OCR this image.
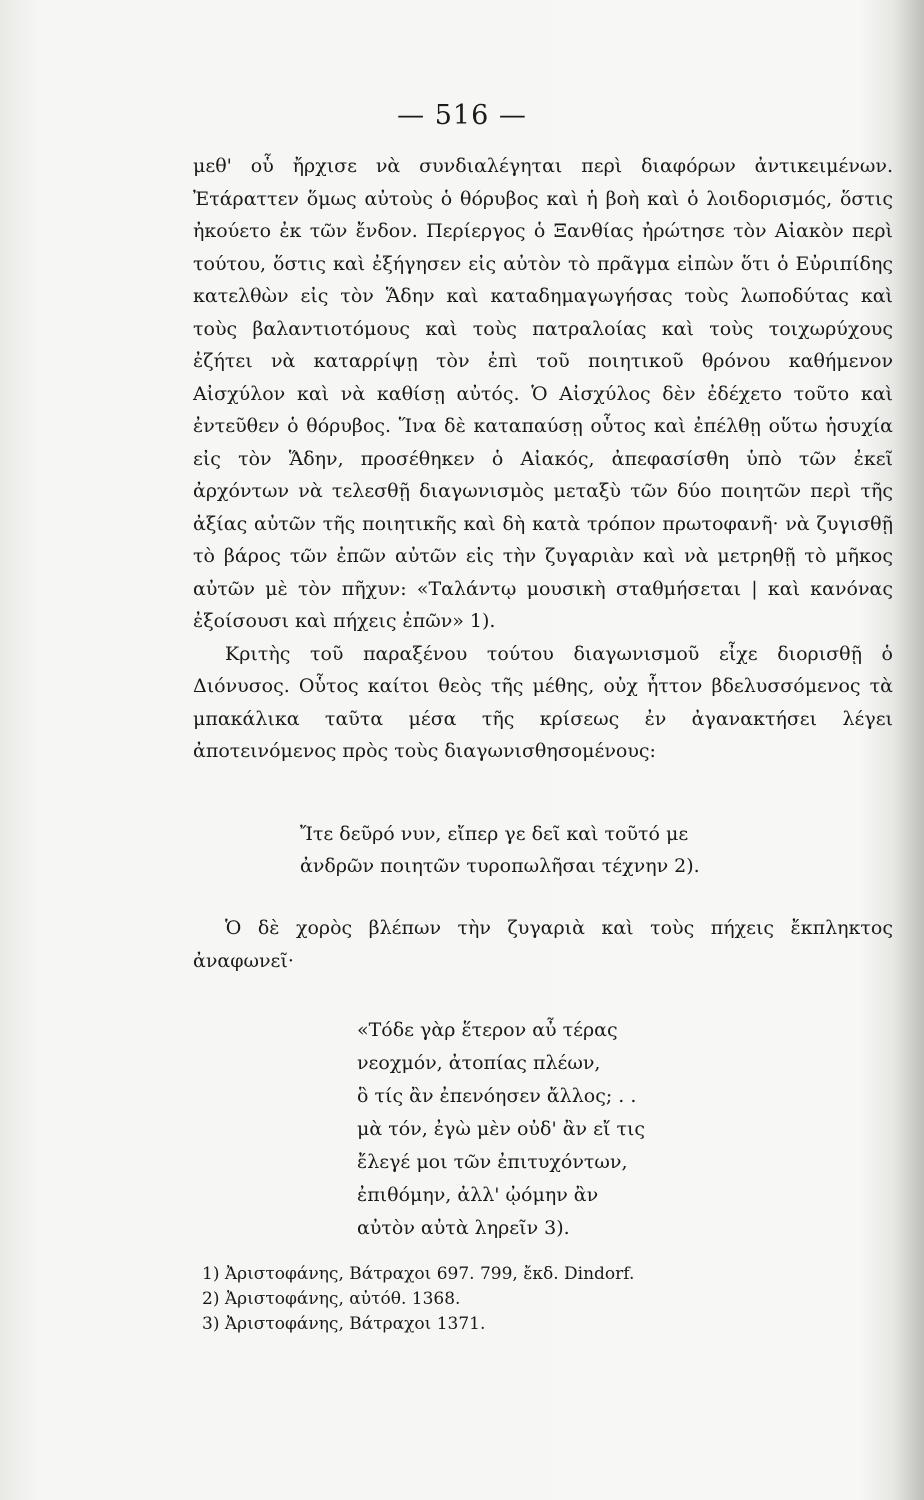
— 516 —

μεθ' οὗ ἤρχισε νὰ συνδιαλέγηται περὶ διαφόρων ἀντικειμένων. Ἐτάραττεν ὅμως αὐτοὺς ὁ θόρυβος καὶ ἡ βοὴ καὶ ὁ λοιδορισμός, ὅστις ἠκούετο ἐκ τῶν ἔνδον. Περίεργος ὁ Ξανθίας ἠρώτησε τὸν Αἰακὸν περὶ τούτου, ὅστις καὶ ἐξήγησεν εἰς αὐτὸν τὸ πρᾶγμα εἰπὼν ὅτι ὁ Εὐριπίδης κατελθὼν εἰς τὸν Ἅδην καὶ καταδημαγωγήσας τοὺς λωποδύτας καὶ τοὺς βαλαντιοτόμους καὶ τοὺς πατραλοίας καὶ τοὺς τοιχωρύχους ἐζήτει νὰ καταρρίψῃ τὸν ἐπὶ τοῦ ποιητικοῦ θρόνου καθήμενον Αἰσχύλον καὶ νὰ καθίσῃ αὐτός. Ὁ Αἰσχύλος δὲν ἐδέχετο τοῦτο καὶ ἐντεῦθεν ὁ θόρυβος. Ἵνα δὲ καταπαύσῃ οὗτος καὶ ἐπέλθῃ οὕτω ἡσυχία εἰς τὸν Ἅδην, προσέθηκεν ὁ Αἰακός, ἀπεφασίσθη ὑπὸ τῶν ἐκεῖ ἀρχόντων νὰ τελεσθῇ διαγωνισμὸς μεταξὺ τῶν δύο ποιητῶν περὶ τῆς ἀξίας αὐτῶν τῆς ποιητικῆς καὶ δὴ κατὰ τρόπον πρωτοφανῆ· νὰ ζυγισθῇ τὸ βάρος τῶν ἐπῶν αὐτῶν εἰς τὴν ζυγαριὰν καὶ νὰ μετρηθῇ τὸ μῆκος αὐτῶν μὲ τὸν πῆχυν: «Ταλάντῳ μουσικὴ σταθμήσεται | καὶ κανόνας ἐξοίσουσι καὶ πήχεις ἐπῶν» 1).

Κριτὴς τοῦ παραξένου τούτου διαγωνισμοῦ εἶχε διορισθῇ ὁ Διόνυσος. Οὗτος καίτοι θεὸς τῆς μέθης, οὐχ ἧττον βδελυσσόμενος τὰ μπακάλικα ταῦτα μέσα τῆς κρίσεως ἐν ἀγανακτήσει λέγει ἀποτεινόμενος πρὸς τοὺς διαγωνισθησομένους:

Ἴτε δεῦρό νυν, εἴπερ γε δεῖ καὶ τοῦτό με
ἀνδρῶν ποιητῶν τυροπωλῆσαι τέχνην 2).
Ὁ δὲ χορὸς βλέπων τὴν ζυγαριὰ καὶ τοὺς πήχεις ἔκπληκτος ἀναφωνεῖ·
«Τόδε γὰρ ἕτερον αὖ τέρας
νεοχμόν, ἀτοπίας πλέων,
ὃ τίς ἂν ἐπενόησεν ἄλλος; . .
μὰ τόν, ἐγὼ μὲν οὐδ' ἂν εἴ τις
ἔλεγέ μοι τῶν ἐπιτυχόντων,
ἐπιθόμην, ἀλλ' ᾠόμην ἂν
αὐτὸν αὐτὰ ληρεῖν 3).
1) Ἀριστοφάνης, Βάτραχοι 697. 799, ἔκδ. Dindorf.
2) Ἀριστοφάνης, αὐτόθ. 1368.
3) Ἀριστοφάνης, Βάτραχοι 1371.
